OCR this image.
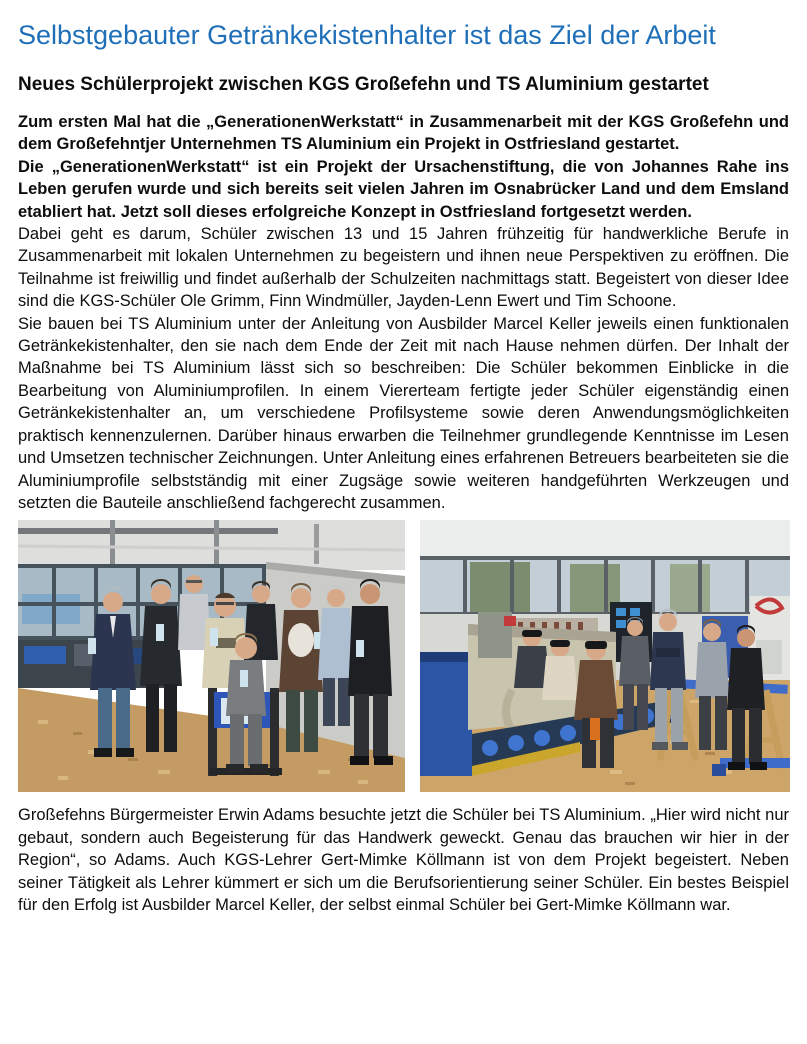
Selbstgebauter Getränkekistenhalter ist das Ziel der Arbeit
Neues Schülerprojekt zwischen KGS Großefehn und TS Aluminium gestartet

Zum ersten Mal hat die „GenerationenWerkstatt“ in Zusammenarbeit mit der KGS Großefehn und dem Großefehntjer Unternehmen TS Aluminium ein Projekt in Ostfriesland gestartet.

Die „GenerationenWerkstatt“ ist ein Projekt der Ursachenstiftung, die von Johannes Rahe ins Leben gerufen wurde und sich bereits seit vielen Jahren im Osnabrücker Land und dem Emsland etabliert hat. Jetzt soll dieses erfolgreiche Konzept in Ostfriesland fortgesetzt werden.

Dabei geht es darum, Schüler zwischen 13 und 15 Jahren frühzeitig für handwerkliche Berufe in Zusammenarbeit mit lokalen Unternehmen zu begeistern und ihnen neue Perspektiven zu eröffnen. Die Teilnahme ist freiwillig und findet außerhalb der Schulzeiten nachmittags statt. Begeistert von dieser Idee sind die KGS-Schüler Ole Grimm, Finn Windmüller, Jayden-Lenn Ewert und Tim Schoone.

Sie bauen bei TS Aluminium unter der Anleitung von Ausbilder Marcel Keller jeweils einen funktionalen Getränkekistenhalter, den sie nach dem Ende der Zeit mit nach Hause nehmen dürfen. Der Inhalt der Maßnahme bei TS Aluminium lässt sich so beschreiben: Die Schüler bekommen Einblicke in die Bearbeitung von Aluminiumprofilen. In einem Viererteam fertigte jeder Schüler eigenständig einen Getränkekistenhalter an, um verschiedene Profilsysteme sowie deren Anwendungsmöglichkeiten praktisch kennenzulernen. Darüber hinaus erwarben die Teilnehmer grundlegende Kenntnisse im Lesen und Umsetzen technischer Zeichnungen. Unter Anleitung eines erfahrenen Betreuers bearbeiteten sie die Aluminiumprofile selbstständig mit einer Zugsäge sowie weiteren handgeführten Werkzeugen und setzten die Bauteile anschließend fachgerecht zusammen.

Großefehns Bürgermeister Erwin Adams besuchte jetzt die Schüler bei TS Aluminium. „Hier wird nicht nur gebaut, sondern auch Begeisterung für das Handwerk geweckt. Genau das brauchen wir hier in der Region“, so Adams. Auch KGS-Lehrer Gert-Mimke Köllmann ist von dem Projekt begeistert. Neben seiner Tätigkeit als Lehrer kümmert er sich um die Berufsorientierung seiner Schüler. Ein bestes Beispiel für den Erfolg ist Ausbilder Marcel Keller, der selbst einmal Schüler bei Gert-Mimke Köllmann war.
